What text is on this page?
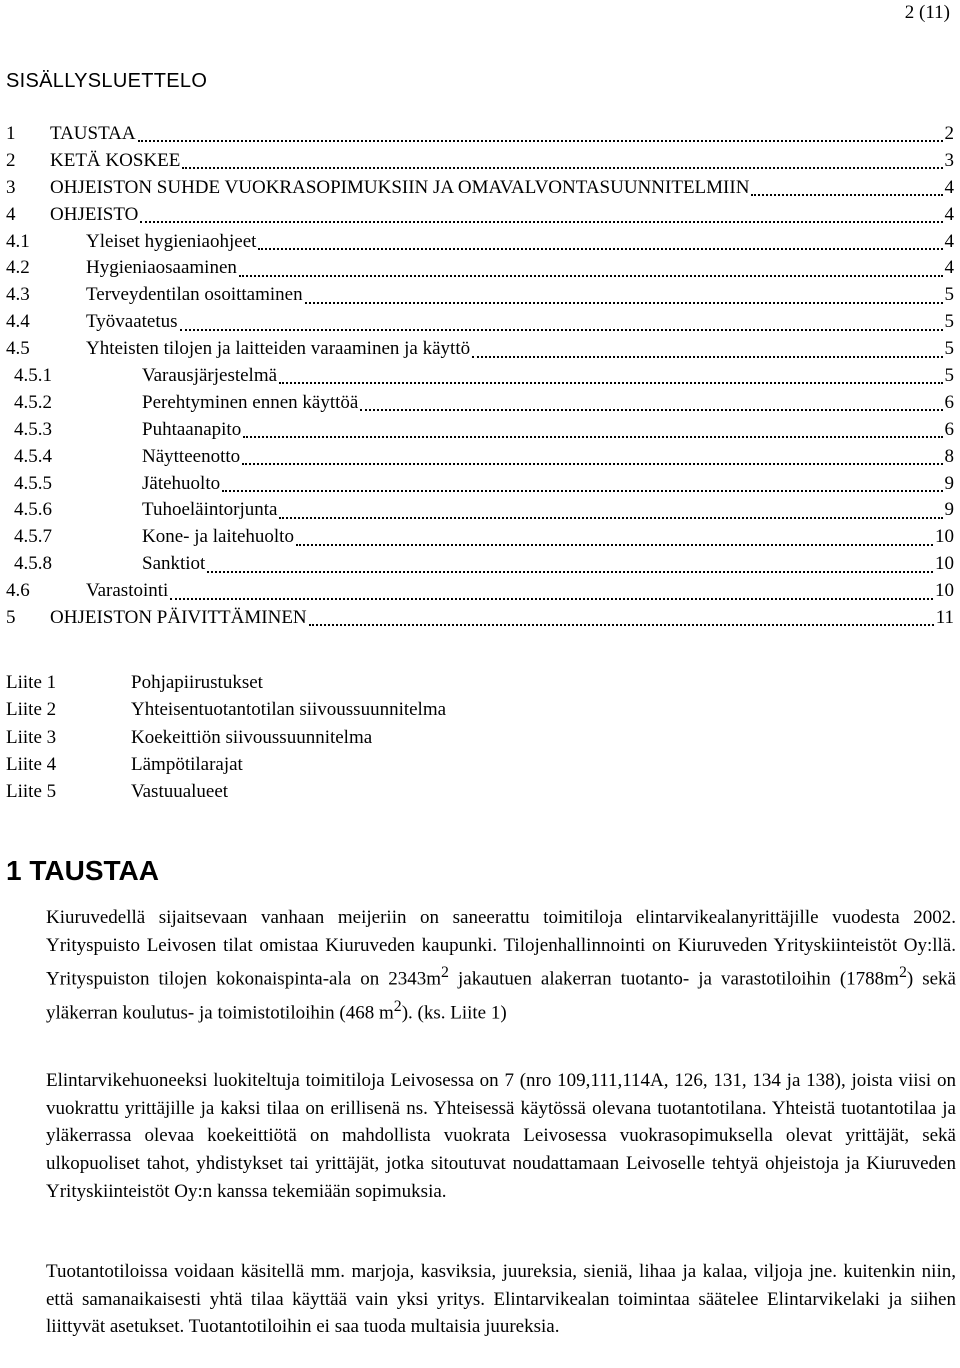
2 (11)
SISÄLLYSLUETTELO
1	TAUSTAA	2
2	KETÄ KOSKEE	3
3	OHJEISTON SUHDE VUOKRASOPIMUKSIIN JA OMAVALVONTASUUNNITELMIIN	4
4	OHJEISTO	4
4.1	Yleiset hygieniaohjeet	4
4.2	Hygieniaosaaminen	4
4.3	Terveydentilan osoittaminen	5
4.4	Työvaatetus	5
4.5	Yhteisten tilojen ja laitteiden varaaminen ja käyttö	5
4.5.1	Varausjärjestelmä	5
4.5.2	Perehtyminen ennen käyttöä	6
4.5.3	Puhtaanapito	6
4.5.4	Näytteenotto	8
4.5.5	Jätehuolto	9
4.5.6	Tuhoeläintorjunta	9
4.5.7	Kone- ja laitehuolto	10
4.5.8	Sanktiot	10
4.6	Varastointi	10
5	OHJEISTON PÄIVITTÄMINEN	11
Liite 1	Pohjapiirustukset
Liite 2	Yhteisentuotantotilan siivoussuunnitelma
Liite 3	Koekeittiön siivoussuunnitelma
Liite 4	Lämpötilarajat
Liite 5	Vastuualueet
1 TAUSTAA
Kiuruvedellä sijaitsevaan vanhaan meijeriin on saneerattu toimitiloja elintarvikealanyrittäjille vuodesta 2002. Yrityspuisto Leivosen tilat omistaa Kiuruveden kaupunki. Tilojenhallinnointi on Kiuruveden Yrityskiinteistöt Oy:llä. Yrityspuiston tilojen kokonaispinta-ala on $2343m^2$ jakautuen alakerran tuotanto- ja varastotiloihin $(1788m^2)$ sekä yläkerran koulutus- ja toimistotiloihin (468 $m^2$). (ks. Liite 1)
Elintarvikehuoneeksi luokiteltuja toimitiloja Leivosessa on 7 (nro 109,111,114A, 126, 131, 134 ja 138), joista viisi on vuokrattu yrittäjille ja kaksi tilaa on erillisenä ns. Yhteisessä käytössä olevana tuotantotilana. Yhteistä tuotantotilaa ja yläkerrassa olevaa koekeittiötä on mahdollista vuokrata Leivosessa vuokrasopimuksella olevat yrittäjät, sekä ulkopuoliset tahot, yhdistykset tai yrittäjät, jotka sitoutuvat noudattamaan Leivoselle tehtyä ohjeistoja ja Kiuruveden Yrityskiinteistöt Oy:n kanssa tekemiään sopimuksia.
Tuotantotiloissa voidaan käsitellä mm. marjoja, kasviksia, juureksia, sieniä, lihaa ja kalaa, viljoja jne. kuitenkin niin, että samanaikaisesti yhtä tilaa käyttää vain yksi yritys. Elintarvikealan toimintaa säätelee Elintarvikelaki ja siihen liittyvät asetukset. Tuotantotiloihin ei saa tuoda multaisia juureksia.
